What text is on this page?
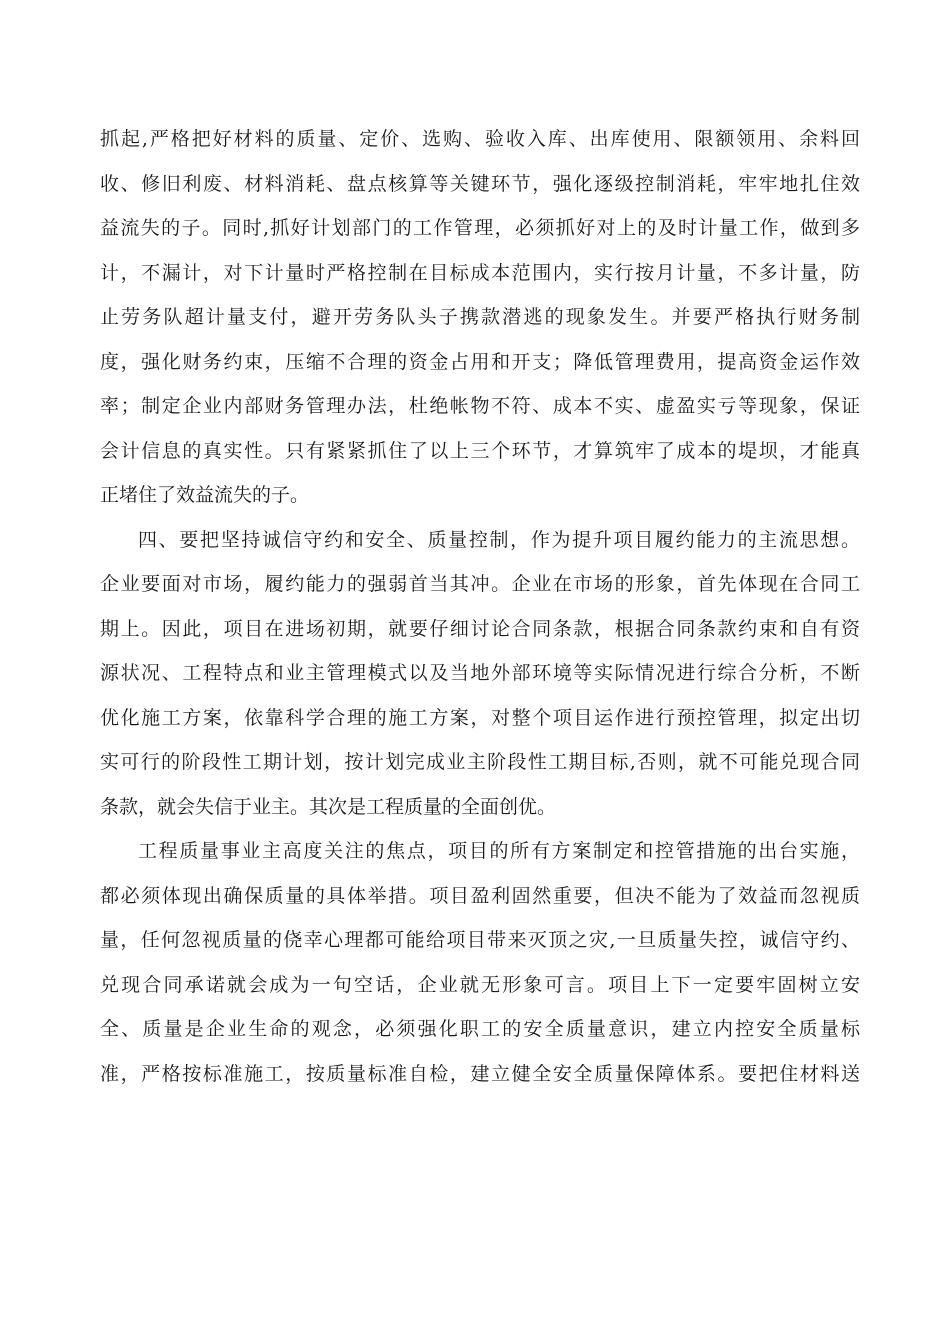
抓起,严格把好材料的质量、定价、选购、验收入库、出库使用、限额领用、余料回
收、修旧利废、材料消耗、盘点核算等关键环节，强化逐级控制消耗，牢牢地扎住效
益流失的子。同时,抓好计划部门的工作管理，必须抓好对上的及时计量工作，做到多
计，不漏计，对下计量时严格控制在目标成本范围内，实行按月计量，不多计量，防
止劳务队超计量支付，避开劳务队头子携款潜逃的现象发生。并要严格执行财务制
度，强化财务约束，压缩不合理的资金占用和开支；降低管理费用，提高资金运作效
率；制定企业内部财务管理办法，杜绝帐物不符、成本不实、虚盈实亏等现象，保证
会计信息的真实性。只有紧紧抓住了以上三个环节，才算筑牢了成本的堤坝，才能真
正堵住了效益流失的子。
四、要把坚持诚信守约和安全、质量控制，作为提升项目履约能力的主流思想。
企业要面对市场，履约能力的强弱首当其冲。企业在市场的形象，首先体现在合同工
期上。因此，项目在进场初期，就要仔细讨论合同条款，根据合同条款约束和自有资
源状况、工程特点和业主管理模式以及当地外部环境等实际情况进行综合分析，不断
优化施工方案，依靠科学合理的施工方案，对整个项目运作进行预控管理，拟定出切
实可行的阶段性工期计划，按计划完成业主阶段性工期目标,否则，就不可能兑现合同
条款，就会失信于业主。其次是工程质量的全面创优。
工程质量事业主高度关注的焦点，项目的所有方案制定和控管措施的出台实施，
都必须体现出确保质量的具体举措。项目盈利固然重要，但决不能为了效益而忽视质
量，任何忽视质量的侥幸心理都可能给项目带来灭顶之灾,一旦质量失控，诚信守约、
兑现合同承诺就会成为一句空话，企业就无形象可言。项目上下一定要牢固树立安
全、质量是企业生命的观念，必须强化职工的安全质量意识，建立内控安全质量标
准，严格按标准施工，按质量标准自检，建立健全安全质量保障体系。要把住材料送
